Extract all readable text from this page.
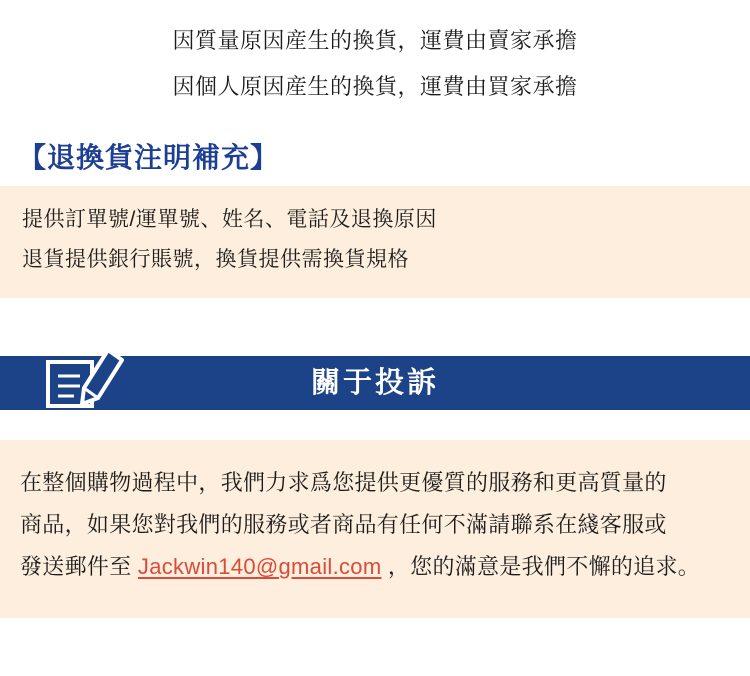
因質量原因産生的換貨，運費由賣家承擔
因個人原因産生的換貨，運費由買家承擔
【退換貨注明補充】
提供訂單號/運單號、姓名、電話及退換原因
退貨提供銀行賬號，換貨提供需換貨規格
關于投訴
在整個購物過程中，我們力求爲您提供更優質的服務和更高質量的
商品，如果您對我們的服務或者商品有任何不滿請聯系在綫客服或
發送郵件至 Jackwin140@gmail.com ，您的滿意是我們不懈的追求。
